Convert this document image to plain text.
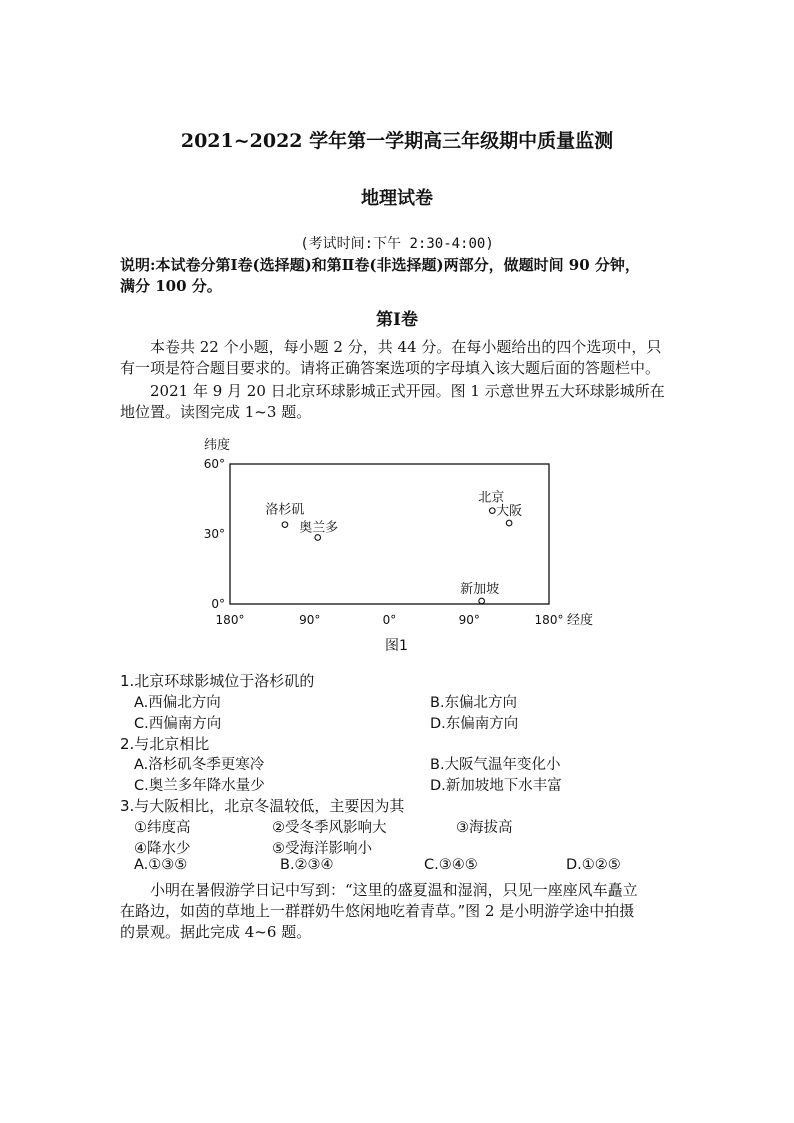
2021~2022 学年第一学期高三年级期中质量监测
地理试卷
(考试时间:下午 2:30-4:00)
说明:本试卷分第Ⅰ卷(选择题)和第Ⅱ卷(非选择题)两部分，做题时间 90 分钟，
满分 100 分。
第Ⅰ卷
本卷共 22 个小题，每小题 2 分，共 44 分。在每小题给出的四个选项中，只
有一项是符合题目要求的。请将正确答案选项的字母填入该大题后面的答题栏中。
2021 年 9 月 20 日北京环球影城正式开园。图 1 示意世界五大环球影城所在
地位置。读图完成 1~3 题。
纬度
经度
图1
180°	90°	0°	90°	180°
0°
30°
60°
洛杉矶
奥兰多
北京
大阪
新加坡
1.北京环球影城位于洛杉矶的
A.西偏北方向	B.东偏北方向
C.西偏南方向	D.东偏南方向
2.与北京相比
A.洛杉矶冬季更寒冷	B.大阪气温年变化小
C.奥兰多年降水量少	D.新加坡地下水丰富
3.与大阪相比，北京冬温较低，主要因为其
①纬度高	②受冬季风影响大	③海拔高
④降水少	⑤受海洋影响小
A.①③⑤	B.②③④	C.③④⑤	D.①②⑤
小明在暑假游学日记中写到：“这里的盛夏温和湿润，只见一座座风车矗立
在路边，如茵的草地上一群群奶牛悠闲地吃着青草。”图 2 是小明游学途中拍摄
的景观。据此完成 4~6 题。
